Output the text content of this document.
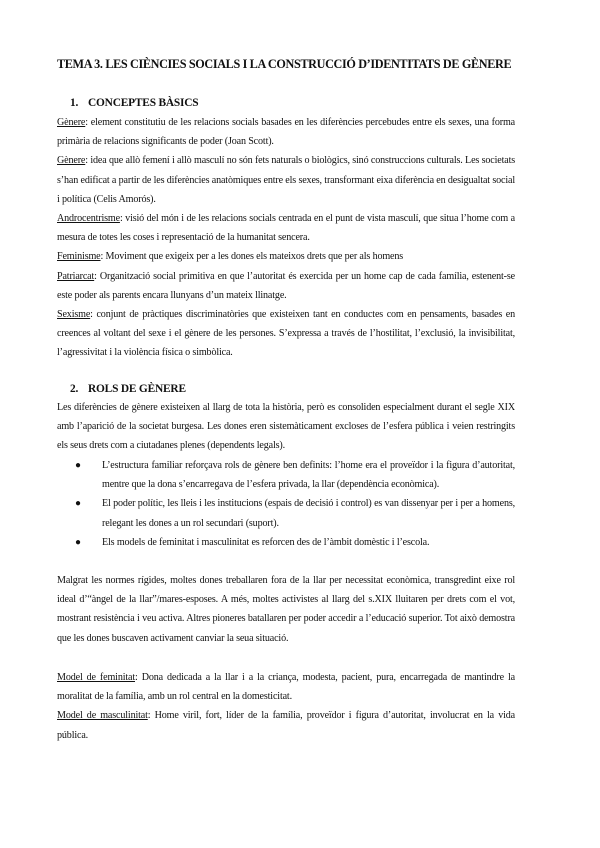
TEMA 3. LES CIÈNCIES SOCIALS I LA CONSTRUCCIÓ D’IDENTITATS DE GÈNERE
1. CONCEPTES BÀSICS
Gènere: element constitutiu de les relacions socials basades en les diferències percebudes entre els sexes, una forma primària de relacions significants de poder (Joan Scott).
Gènere: idea que allò femení i allò masculí no són fets naturals o biològics, sinó construccions culturals. Les societats s’han edificat a partir de les diferències anatòmiques entre els sexes, transformant eixa diferència en desigualtat social i política (Celis Amorós).
Androcentrisme: visió del món i de les relacions socials centrada en el punt de vista masculí, que situa l’home com a mesura de totes les coses i representació de la humanitat sencera.
Feminisme: Moviment que exigeix per a les dones els mateixos drets que per als homens
Patriarcat: Organització social primitiva en que l’autoritat és exercida per un home cap de cada família, estenent-se este poder als parents encara llunyans d’un mateix llinatge.
Sexisme: conjunt de pràctiques discriminatòries que existeixen tant en conductes com en pensaments, basades en creences al voltant del sexe i el gènere de les persones. S’expressa a través de l’hostilitat, l’exclusió, la invisibilitat, l’agressivitat i la violència física o simbòlica.
2. ROLS DE GÈNERE

Les diferències de gènere existeixen al llarg de tota la història, però es consoliden especialment durant el segle XIX amb l’aparició de la societat burgesa. Les dones eren sistemàticament excloses de l’esfera pública i veien restringits els seus drets com a ciutadanes plenes (dependents legals).

● L’estructura familiar reforçava rols de gènere ben definits: l’home era el proveïdor i la figura d’autoritat, mentre que la dona s’encarregava de l’esfera privada, la llar (dependència econòmica).
● El poder polític, les lleis i les institucions (espais de decisió i control) es van dissenyar per i per a homens, relegant les dones a un rol secundari (suport).
● Els models de feminitat i masculinitat es reforcen des de l’àmbit domèstic i l’escola.

Malgrat les normes rígides, moltes dones treballaren fora de la llar per necessitat econòmica, transgredint eixe rol ideal d’“àngel de la llar”/mares-esposes. A més, moltes activistes al llarg del s.XIX lluitaren per drets com el vot, mostrant resistència i veu activa. Altres pioneres batallaren per poder accedir a l’educació superior. Tot això demostra que les dones buscaven activament canviar la seua situació.

Model de feminitat: Dona dedicada a la llar i a la criança, modesta, pacient, pura, encarregada de mantindre la moralitat de la família, amb un rol central en la domesticitat.
Model de masculinitat: Home viril, fort, líder de la família, proveïdor i figura d’autoritat, involucrat en la vida pública.
